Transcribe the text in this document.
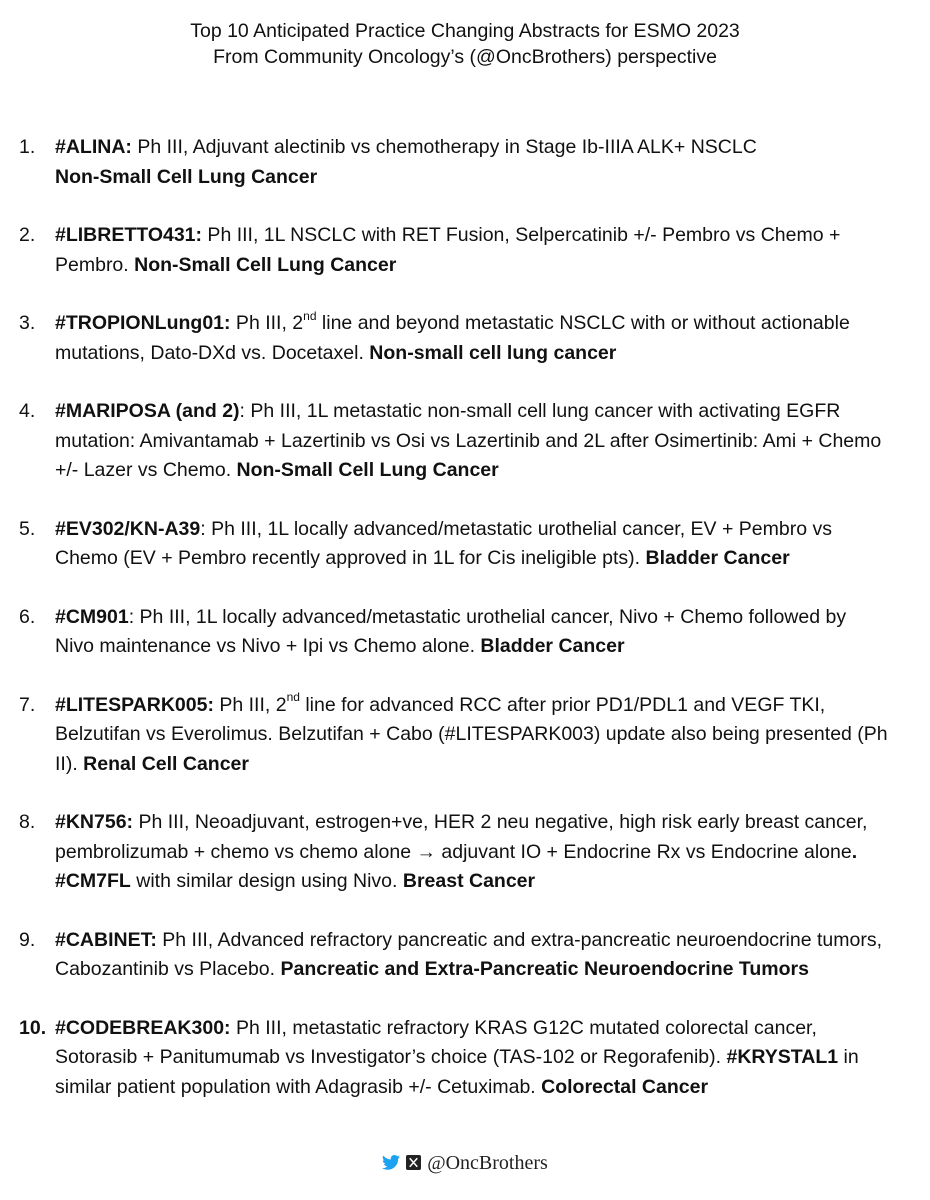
Top 10 Anticipated Practice Changing Abstracts for ESMO 2023
From Community Oncology’s (@OncBrothers) perspective
1. #ALINA: Ph III, Adjuvant alectinib vs chemotherapy in Stage Ib-IIIA ALK+ NSCLC
Non-Small Cell Lung Cancer
2. #LIBRETTO431: Ph III, 1L NSCLC with RET Fusion, Selpercatinib +/- Pembro vs Chemo + Pembro. Non-Small Cell Lung Cancer
3. #TROPIONLung01: Ph III, 2nd line and beyond metastatic NSCLC with or without actionable mutations, Dato-DXd vs. Docetaxel. Non-small cell lung cancer
4. #MARIPOSA (and 2): Ph III, 1L metastatic non-small cell lung cancer with activating EGFR mutation: Amivantamab + Lazertinib vs Osi vs Lazertinib and 2L after Osimertinib: Ami + Chemo +/- Lazer vs Chemo. Non-Small Cell Lung Cancer
5. #EV302/KN-A39: Ph III, 1L locally advanced/metastatic urothelial cancer, EV + Pembro vs Chemo (EV + Pembro recently approved in 1L for Cis ineligible pts). Bladder Cancer
6. #CM901: Ph III, 1L locally advanced/metastatic urothelial cancer, Nivo + Chemo followed by Nivo maintenance vs Nivo + Ipi vs Chemo alone. Bladder Cancer
7. #LITESPARK005: Ph III, 2nd line for advanced RCC after prior PD1/PDL1 and VEGF TKI, Belzutifan vs Everolimus. Belzutifan + Cabo (#LITESPARK003) update also being presented (Ph II). Renal Cell Cancer
8. #KN756: Ph III, Neoadjuvant, estrogen+ve, HER 2 neu negative, high risk early breast cancer, pembrolizumab + chemo vs chemo alone → adjuvant IO + Endocrine Rx vs Endocrine alone. #CM7FL with similar design using Nivo. Breast Cancer
9. #CABINET: Ph III, Advanced refractory pancreatic and extra-pancreatic neuroendocrine tumors, Cabozantinib vs Placebo. Pancreatic and Extra-Pancreatic Neuroendocrine Tumors
10. #CODEBREAK300: Ph III, metastatic refractory KRAS G12C mutated colorectal cancer, Sotorasib + Panitumumab vs Investigator’s choice (TAS-102 or Regorafenib). #KRYSTAL1 in similar patient population with Adagrasib +/- Cetuximab. Colorectal Cancer
@OncBrothers
